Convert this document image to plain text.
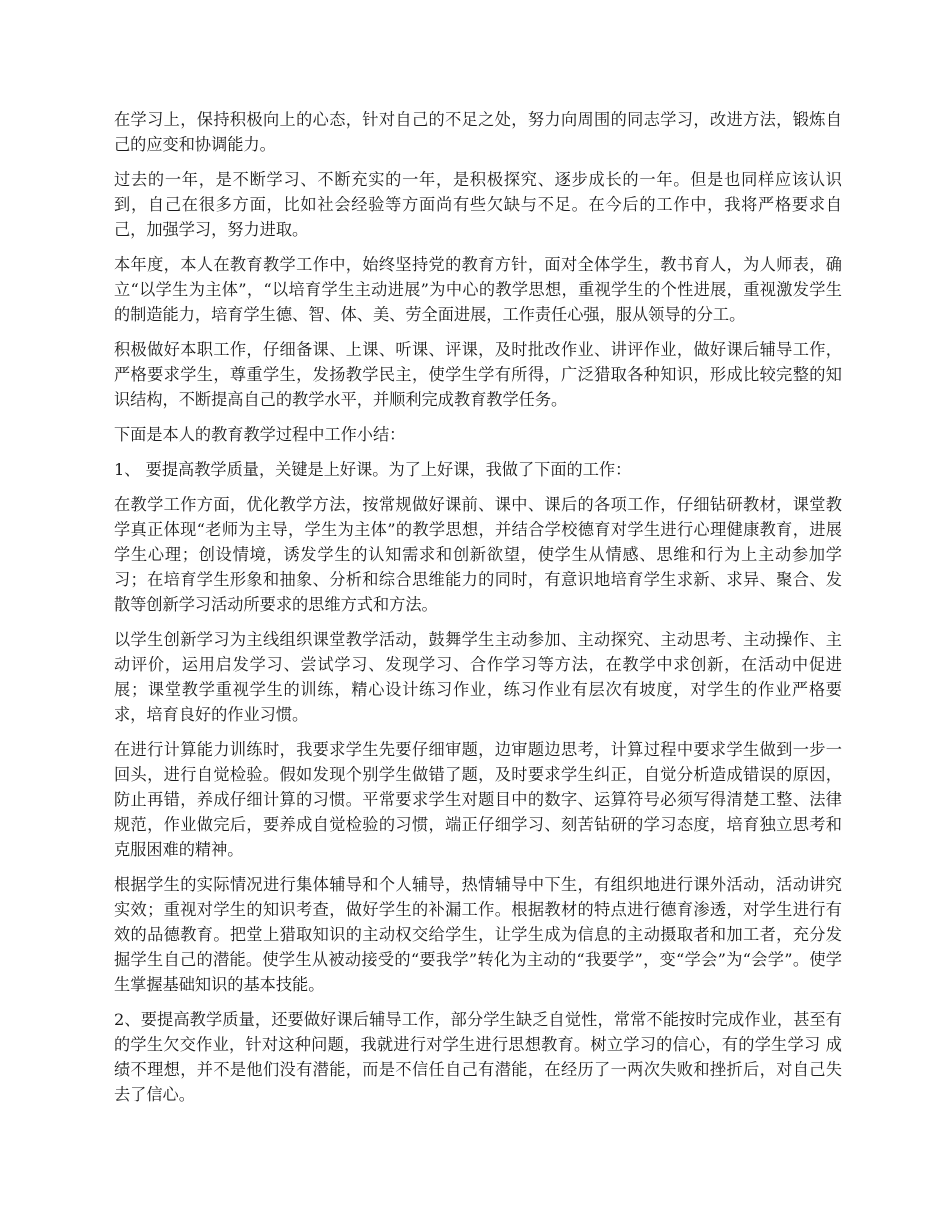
在学习上，保持积极向上的心态，针对自己的不足之处，努力向周围的同志学习，改进方法，锻炼自己的应变和协调能力。

过去的一年，是不断学习、不断充实的一年，是积极探究、逐步成长的一年。但是也同样应该认识到，自己在很多方面，比如社会经验等方面尚有些欠缺与不足。在今后的工作中，我将严格要求自己，加强学习，努力进取。

本年度，本人在教育教学工作中，始终坚持党的教育方针，面对全体学生，教书育人，为人师表，确立“以学生为主体”，“以培育学生主动进展”为中心的教学思想，重视学生的个性进展，重视激发学生的制造能力，培育学生德、智、体、美、劳全面进展，工作责任心强，服从领导的分工。

积极做好本职工作，仔细备课、上课、听课、评课，及时批改作业、讲评作业，做好课后辅导工作，严格要求学生，尊重学生，发扬教学民主，使学生学有所得，广泛猎取各种知识，形成比较完整的知识结构，不断提高自己的教学水平，并顺利完成教育教学任务。

下面是本人的教育教学过程中工作小结：

1、 要提高教学质量，关键是上好课。为了上好课，我做了下面的工作：

在教学工作方面，优化教学方法，按常规做好课前、课中、课后的各项工作，仔细钻研教材，课堂教学真正体现“老师为主导，学生为主体”的教学思想，并结合学校德育对学生进行心理健康教育，进展学生心理；创设情境，诱发学生的认知需求和创新欲望，使学生从情感、思维和行为上主动参加学习；在培育学生形象和抽象、分析和综合思维能力的同时，有意识地培育学生求新、求异、聚合、发散等创新学习活动所要求的思维方式和方法。

以学生创新学习为主线组织课堂教学活动，鼓舞学生主动参加、主动探究、主动思考、主动操作、主动评价，运用启发学习、尝试学习、发现学习、合作学习等方法，在教学中求创新，在活动中促进展；课堂教学重视学生的训练，精心设计练习作业，练习作业有层次有坡度，对学生的作业严格要求，培育良好的作业习惯。

在进行计算能力训练时，我要求学生先要仔细审题，边审题边思考，计算过程中要求学生做到一步一回头，进行自觉检验。假如发现个别学生做错了题，及时要求学生纠正，自觉分析造成错误的原因，防止再错，养成仔细计算的习惯。平常要求学生对题目中的数字、运算符号必须写得清楚工整、法律规范，作业做完后，要养成自觉检验的习惯，端正仔细学习、刻苦钻研的学习态度，培育独立思考和克服困难的精神。

根据学生的实际情况进行集体辅导和个人辅导，热情辅导中下生，有组织地进行课外活动，活动讲究实效；重视对学生的知识考查，做好学生的补漏工作。根据教材的特点进行德育渗透，对学生进行有效的品德教育。把堂上猎取知识的主动权交给学生，让学生成为信息的主动摄取者和加工者，充分发掘学生自己的潜能。使学生从被动接受的“要我学”转化为主动的“我要学”，变“学会”为“会学”。使学生掌握基础知识的基本技能。

2、要提高教学质量，还要做好课后辅导工作，部分学生缺乏自觉性，常常不能按时完成作业，甚至有的学生欠交作业，针对这种问题，我就进行对学生进行思想教育。树立学习的信心，有的学生学习 成绩不理想，并不是他们没有潜能，而是不信任自己有潜能，在经历了一两次失败和挫折后，对自己失去了信心。
